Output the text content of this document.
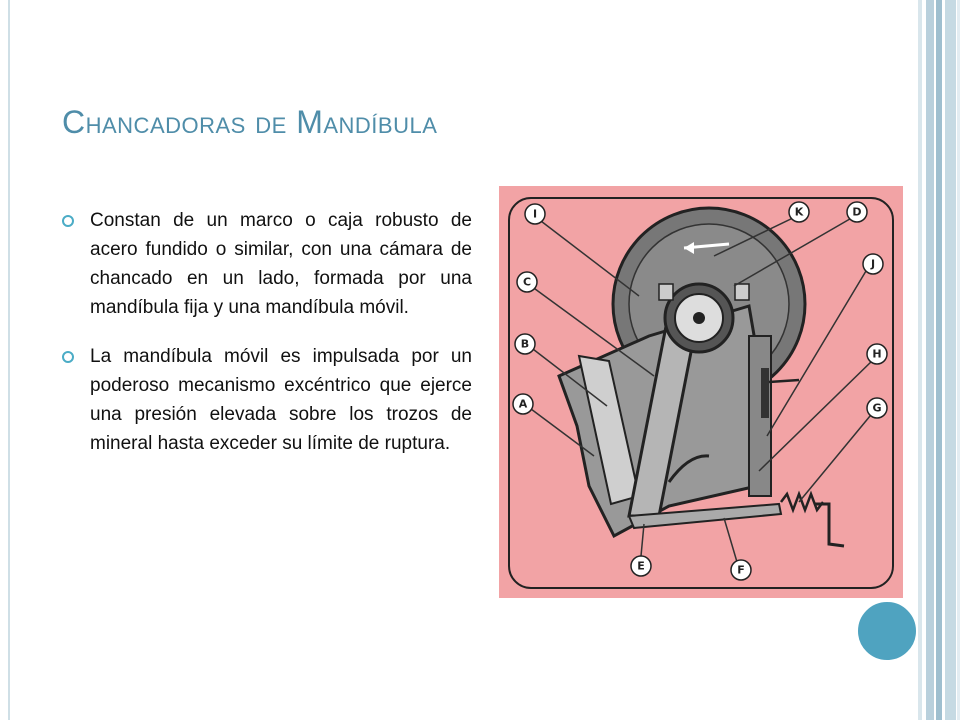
Chancadoras de Mandíbula
Constan de un marco o caja robusto de acero fundido o similar, con una cámara de chancado en un lado, formada por una mandíbula fija y una mandíbula móvil.
La mandíbula móvil es impulsada por un poderoso mecanismo excéntrico que ejerce una presión elevada sobre los trozos de mineral hasta exceder su límite de ruptura.
I	K	D
C
J
B
H
A	G
E	F
